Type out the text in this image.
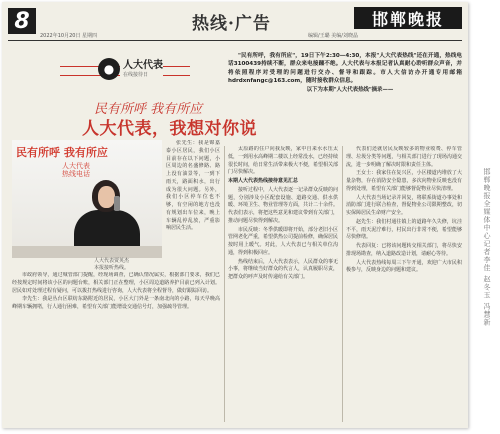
8	热线·广告	邯郸晚报
2022年10月20日 星期四	编辑/王璐 美编/刘晓晶
● 人大代表
在线接待日
民有所呼 我有所应
人大代表，我想对你说

"民有所呼，我有所应"，19日下午2:30—4:30，本报"人大代表热线"还在开通，热线电话3100439持续不断，群众来电接踵不绝。人大代表与本报记者认真耐心聆听群众声音，并将依照程序对受理的问题进行交办、督导和跟踪。市人大信访办开通专用邮箱hdrdxnfangc@163.com，随时接收群众信息。

以下为本期"人大代表热线"摘录——

民有所呼 我有所应
人大代表
热线电话
人大代表贾英杰
本报接听热线。

张先生：我是锦嘉泰小区居民，我们小区目前存在以下问题，小区周边的名盛修路、路上没有油景等，一到下雨天，路面积水，出行成为很大问题。另外，我们小区停车位也不够，有空闲的地方也没有规划出车位来，晚上车辆乱停乱放，严重影响居民生活。

市政府领导，通过城管部门提醒，经现场调查，已确认情况属实，根据部门要求，我们已经按规定时间将该小区的问题台账，相关部门正在整理，小区周边道路养护目前已列入计划。居民如对处理过程有疑问，可以拨打热线进行咨询，人大代表将全程督导，做好跟踪回访。

李先生：我是丛台区联纺东路附近的居民，小区大门外是一条南北向的小路，每天早晚高峰期车辆拥堵，行人通行困难，希望有关部门能增设交通信号灯，加强疏导管理。

太原路的住户向我反映，家中自来水水压太低，一到用水高峰期二楼以上经常没水，已经持续很长时间，给日常生活带来极大不便，希望相关部门尽快解决。

本期人大代表热线接待意见汇总

接听过程中，人大代表逐一记录群众反映的问题，分别涉及小区配套设施、道路交通、供水供暖、环境卫生、物业管理等方面，共计二十余件。代表们表示，将把这些意见和建议带到有关部门，推动问题尽快得到解决。

市民反映：冬季供暖即将开始，部分老旧小区管网老化严重，希望供热公司提前检修，确保居民按时用上暖气。对此，人大代表已与相关单位沟通，得到积极回应。

热线结束后，人大代表表示，人民群众的事无小事，将继续当好群众的代言人，认真履职尽责，把群众的呼声及时传递给有关部门。

代表们还就居民反映较多的物业收费、停车管理、垃圾分类等问题，与相关部门进行了现场沟通交流，进一步明确了解决时限和责任主体。

王女士：我家住在复兴区，小区楼道内堆放了大量杂物，存在消防安全隐患，多次向物业反映也没有得到处理，希望有关部门能够督促物业尽快清理。

人大代表当场记录并回复，将联系街道办事处和消防部门进行联合检查，督促物业公司限期整改，切实保障居民生命财产安全。

赵先生：我们村通往镇上的道路年久失修，坑洼不平，雨天泥泞难行，村民出行非常不便，希望能够尽快修缮。

代表回复：已将该问题转交相关部门，将尽快安排现场勘查，纳入道路改造计划，请耐心等待。

人大代表热线每周三下午开通，欢迎广大市民积极参与，反映身边的问题和建议。	邯郸晚报全媒体中心记者李佳 赵冬玉 冯慧新
